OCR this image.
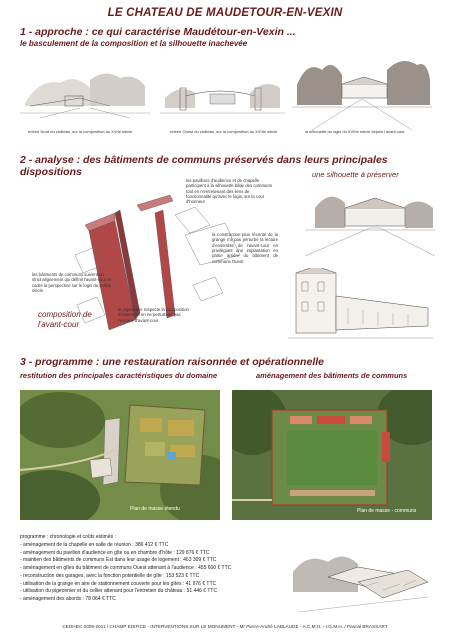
LE CHATEAU DE MAUDETOUR-EN-VEXIN
1 - approche : ce qui caractérise Maudétour-en-Vexin ...
le basculement de la composition et la silhouette inachevée
entrée Nord du château, sur la composition du XVIIe siècle	entrée Ouest du château, sur la composition du XVIIIe siècle	la silhouette du logis du XVIIIe siècle depuis l'avant-cour
2 - analyse : des bâtiments de communs préservés dans leurs principales dispositions	une silhouette à préserver
les pavillons d'audience et de chapelle participent à la silhouette bâtie des communs tout en n'entretenant des liens de fonctionnalité qu'avec le logis, sur la cour d'honneur
la construction plus récente de la grange n'a pas perturbé la lecture d'ensemble de l'avant-cour en privilégiant une implantation en partie arrière du bâtiment de communs Ouest
les bâtiments de communs suivent un strict alignement qui définit l'avant-cour et cadre la perspective sur le logis du XVIIIe siècle
le pigeonnier respecte la composition d'ensemble en ne perturbant pas l'espace d'avant-cour
composition de l'avant-cour
3 - programme : une restauration raisonnée et opérationnelle
restitution des principales caractéristiques du domaine	aménagement des bâtiments de communs
Plan de masse étendu	Plan de masse - communs
programme ; chronologie et coûts estimés :
- aménagement de la chapelle en salle de réunion : 386 412 € TTC
- aménagement du pavillon d'audience en gîte ou en chambre d'hôte : 129 876 € TTC
- maintien des bâtiments de communs Est dans leur usage de logement : 463 309 € TTC
- aménagement en gîtes du bâtiment de communs Ouest attenant à l'audience : 455 600 € TTC
- reconstruction des garages, avec la fonction potentielle de gîte : 153 523 € TTC
- utilisation de la grange en aire de stationnement couverte pour les gîtes : 41 976 € TTC
- utilisation du pigeonnier et du cellier attenant pour l'entretien du château : 51 446 € TTC
- aménagement des abords : 78 064 € TTC
CEDHEC 2009-2011 / CHAMP EDIFICE - INTERVENTIONS SUR LE MONUMENT - Mr Pierre-André LABLAUDE - A.C.M.H. - I.G.M.H. / Pascal BRASSART
